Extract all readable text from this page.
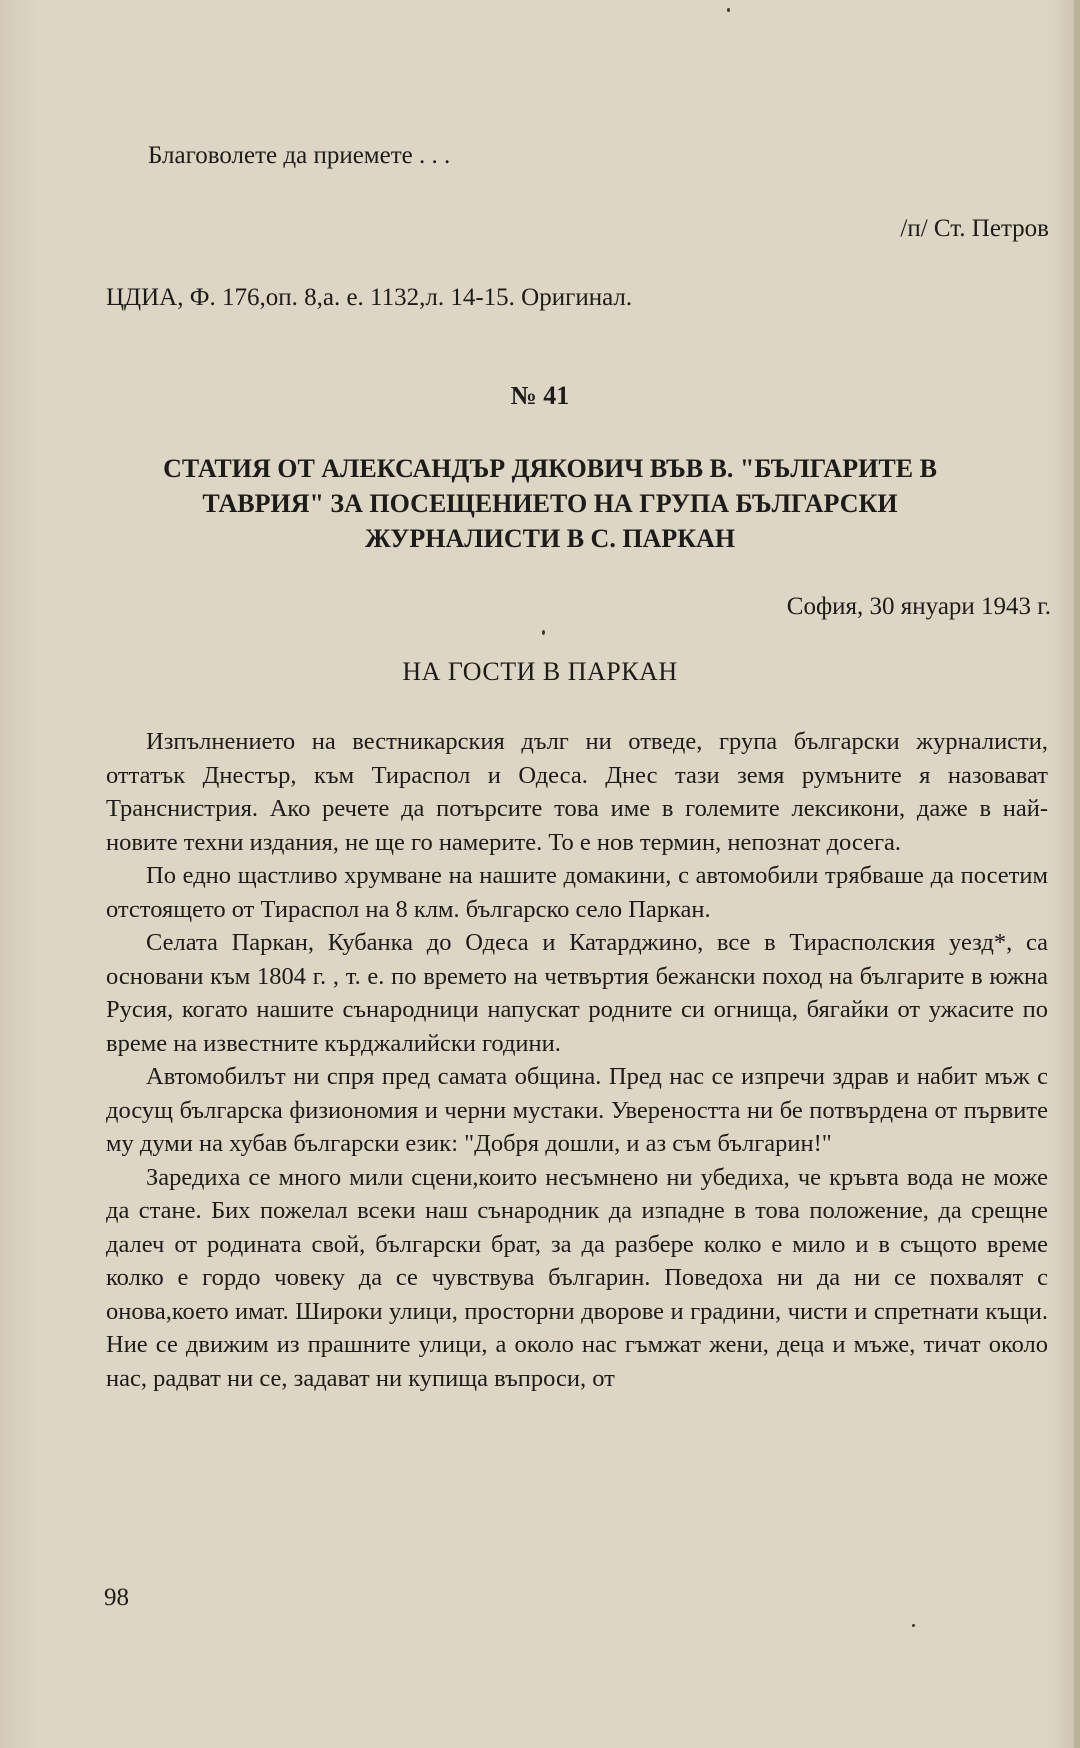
Благоволете да приемете . . .
/п/ Ст. Петров
ЦДИА, Ф. 176,оп. 8,а. е. 1132,л. 14-15. Оригинал.
№ 41
СТАТИЯ ОТ АЛЕКСАНДЪР ДЯКОВИЧ ВЪВ В. "БЪЛГАРИТЕ В ТАВРИЯ" ЗА ПОСЕЩЕНИЕТО НА ГРУПА БЪЛГАРСКИ ЖУРНАЛИСТИ В С. ПАРКАН
София, 30 януари 1943 г.
НА ГОСТИ В ПАРКАН

Изпълнението на вестникарския дълг ни отведе, група български журналисти, оттатък Днестър, към Тираспол и Одеса. Днес тази земя румъните я назовават Транснистрия. Ако речете да потърсите това име в големите лексикони, даже в най-новите техни издания, не ще го намерите. То е нов термин, непознат досега.

По едно щастливо хрумване на нашите домакини, с автомобили трябваше да посетим отстоящето от Тираспол на 8 клм. българско село Паркан.

Селата Паркан, Кубанка до Одеса и Катарджино, все в Тирасполския уезд*, са основани към 1804 г. , т. е. по времето на четвъртия бежански поход на българите в южна Русия, когато нашите сънародници напускат родните си огнища, бягайки от ужасите по време на известните кърджалийски години.

Автомобилът ни спря пред самата община. Пред нас се изпречи здрав и набит мъж с досущ българска физиономия и черни мустаки. Увереността ни бе потвърдена от първите му думи на хубав български език: "Добря дошли, и аз съм българин!"

Заредиха се много мили сцени,които несъмнено ни убедиха, че кръвта вода не може да стане. Бих пожелал всеки наш сънародник да изпадне в това положение, да срещне далеч от родината свой, български брат, за да разбере колко е мило и в същото време колко е гордо човеку да се чувствува българин. Поведоха ни да ни се похвалят с онова,което имат. Широки улици, просторни дворове и градини, чисти и спретнати къщи. Ние се движим из прашните улици, а около нас гъмжат жени, деца и мъже, тичат около нас, радват ни се, задават ни купища въпроси, от

98
